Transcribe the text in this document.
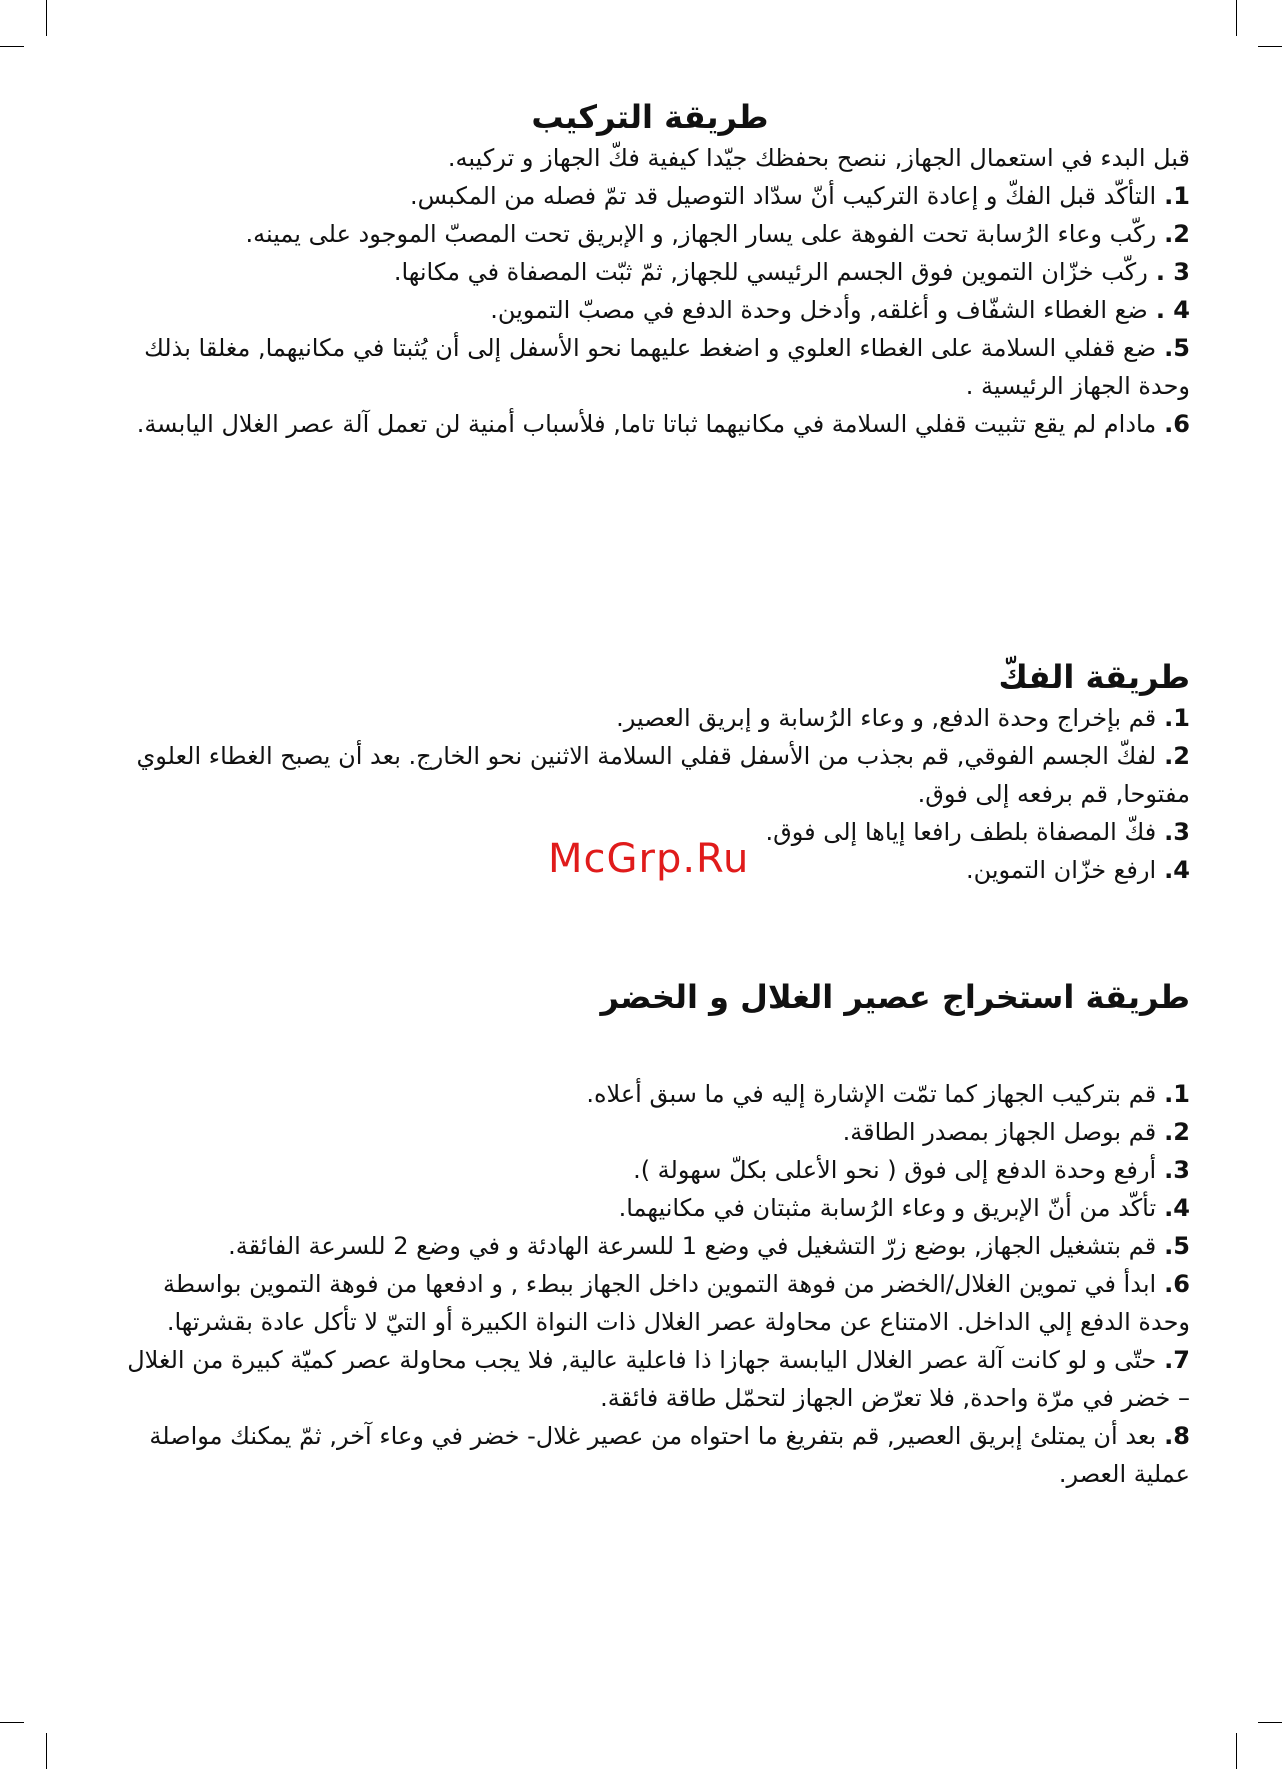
طريقة التركيب

قبل البدء في استعمال الجهاز, ننصح بحفظك جيّدا كيفية فكّ الجهاز و تركيبه.

1.التأكّد قبل الفكّ و إعادة التركيب أنّ سدّاد التوصيل قد تمّ فصله من المكبس.

2.ركّب وعاء الرُسابة تحت الفوهة على يسار الجهاز, و الإبريق تحت المصبّ الموجود على يمينه.

3 .ركّب خزّان التموين فوق الجسم الرئيسي للجهاز, ثمّ ثبّت المصفاة في مكانها.

4 .ضع الغطاء الشفّاف و أغلقه, وأدخل وحدة الدفع في مصبّ التموين.

5.ضع قفلي السلامة على الغطاء العلوي و اضغط عليهما نحو الأسفل إلى أن يُثبتا في مكانيهما, مغلقا بذلك وحدة الجهاز الرئيسية .

6.مادام لم يقع تثبيت قفلي السلامة في مكانيهما ثباتا تاما, فلأسباب أمنية لن تعمل آلة عصر الغلال اليابسة.

طريقة الفكّ

1.قم بإخراج وحدة الدفع, و وعاء الرُسابة و إبريق العصير.

2.لفكّ الجسم الفوقي, قم بجذب من الأسفل قفلي السلامة الاثنين نحو الخارج. بعد أن يصبح الغطاء العلوي مفتوحا, قم برفعه إلى فوق.

3.فكّ المصفاة بلطف رافعا إياها إلى فوق.

4.ارفع خزّان التموين.

طريقة استخراج عصير الغلال و الخضر

1.قم بتركيب الجهاز كما تمّت الإشارة إليه في ما سبق أعلاه.

2.قم بوصل الجهاز بمصدر الطاقة.

3.أرفع وحدة الدفع إلى فوق ( نحو الأعلى بكلّ سهولة ).

4.تأكّد من أنّ الإبريق و وعاء الرُسابة مثبتان في مكانيهما.

5.قم بتشغيل الجهاز, بوضع زرّ التشغيل في وضع 1 للسرعة الهادئة و في وضع 2 للسرعة الفائقة.

6.ابدأ في تموين الغلال/الخضر من فوهة التموين داخل الجهاز ببطء , و ادفعها من فوهة التموين بواسطة وحدة الدفع إلي الداخل. الامتناع عن محاولة عصر الغلال ذات النواة الكبيرة أو التيّ لا تأكل عادة بقشرتها.

7.حتّى و لو كانت آلة عصر الغلال اليابسة جهازا ذا فاعلية عالية, فلا يجب محاولة عصر كميّة كبيرة من الغلال – خضر في مرّة واحدة, فلا تعرّض الجهاز لتحمّل طاقة فائقة.

8.بعد أن يمتلئ إبريق العصير, قم بتفريغ ما احتواه من عصير غلال- خضر في وعاء آخر, ثمّ يمكنك مواصلة عملية العصر.

McGrp.Ru
